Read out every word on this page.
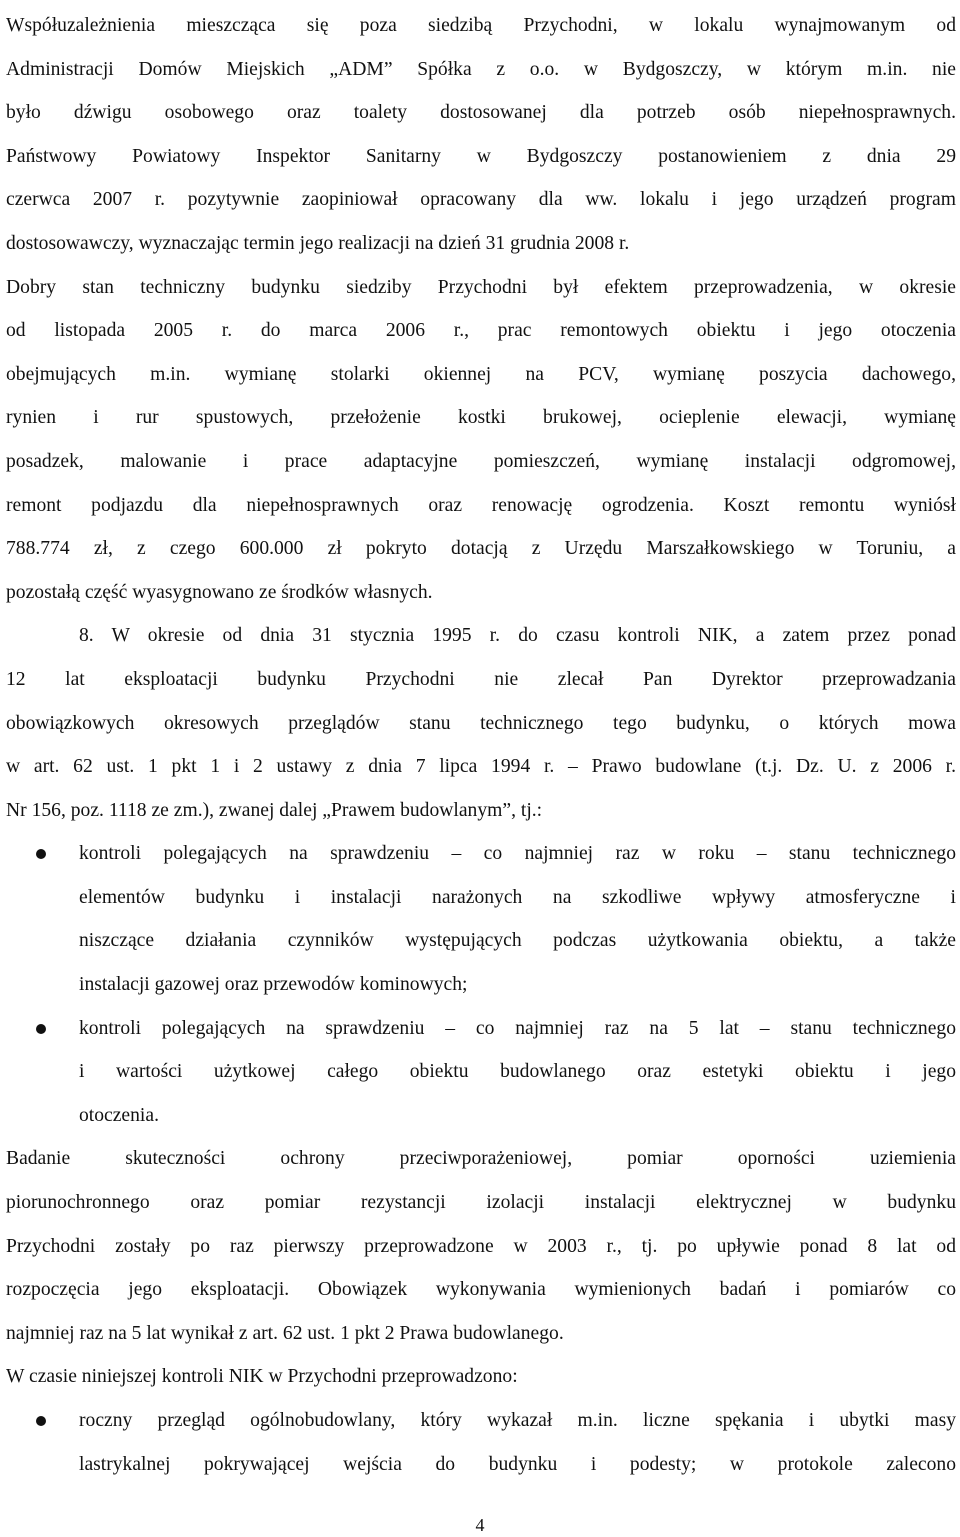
Współuzależnienia mieszcząca się poza siedzibą Przychodni, w lokalu wynajmowanym od
Administracji Domów Miejskich „ADM” Spółka z o.o. w Bydgoszczy, w którym m.in. nie
było dźwigu osobowego oraz toalety dostosowanej dla potrzeb osób niepełnosprawnych.
Państwowy Powiatowy Inspektor Sanitarny w Bydgoszczy postanowieniem z dnia 29
czerwca 2007 r. pozytywnie zaopiniował opracowany dla ww. lokalu i jego urządzeń program
dostosowawczy, wyznaczając termin jego realizacji na dzień 31 grudnia 2008 r.
Dobry stan techniczny budynku siedziby Przychodni był efektem przeprowadzenia, w okresie
od listopada 2005 r. do marca 2006 r., prac remontowych obiektu i jego otoczenia
obejmujących m.in. wymianę stolarki okiennej na PCV, wymianę poszycia dachowego,
rynien i rur spustowych, przełożenie kostki brukowej, ocieplenie elewacji, wymianę
posadzek, malowanie i prace adaptacyjne pomieszczeń, wymianę instalacji odgromowej,
remont podjazdu dla niepełnosprawnych oraz renowację ogrodzenia. Koszt remontu wyniósł
788.774 zł, z czego 600.000 zł pokryto dotacją z Urzędu Marszałkowskiego w Toruniu, a
pozostałą część wyasygnowano ze środków własnych.
8. W okresie od dnia 31 stycznia 1995 r. do czasu kontroli NIK, a zatem przez ponad
12 lat eksploatacji budynku Przychodni nie zlecał Pan Dyrektor przeprowadzania
obowiązkowych okresowych przeglądów stanu technicznego tego budynku, o których mowa
w art. 62 ust. 1 pkt 1 i 2 ustawy z dnia 7 lipca 1994 r. – Prawo budowlane (t.j. Dz. U. z 2006 r.
Nr 156, poz. 1118 ze zm.), zwanej dalej „Prawem budowlanym”, tj.:
kontroli polegających na sprawdzeniu – co najmniej raz w roku – stanu technicznego
elementów budynku i instalacji narażonych na szkodliwe wpływy atmosferyczne i
niszczące działania czynników występujących podczas użytkowania obiektu, a także
instalacji gazowej oraz przewodów kominowych;
kontroli polegających na sprawdzeniu – co najmniej raz na 5 lat – stanu technicznego
i wartości użytkowej całego obiektu budowlanego oraz estetyki obiektu i jego
otoczenia.
Badanie skuteczności ochrony przeciwporażeniowej, pomiar oporności uziemienia
piorunochronnego oraz pomiar rezystancji izolacji instalacji elektrycznej w budynku
Przychodni zostały po raz pierwszy przeprowadzone w 2003 r., tj. po upływie ponad 8 lat od
rozpoczęcia jego eksploatacji. Obowiązek wykonywania wymienionych badań i pomiarów co
najmniej raz na 5 lat wynikał z art. 62 ust. 1 pkt 2 Prawa budowlanego.
W czasie niniejszej kontroli NIK w Przychodni przeprowadzono:
roczny przegląd ogólnobudowlany, który wykazał m.in. liczne spękania i ubytki masy
lastrykalnej pokrywającej wejścia do budynku i podesty; w protokole zalecono
4
